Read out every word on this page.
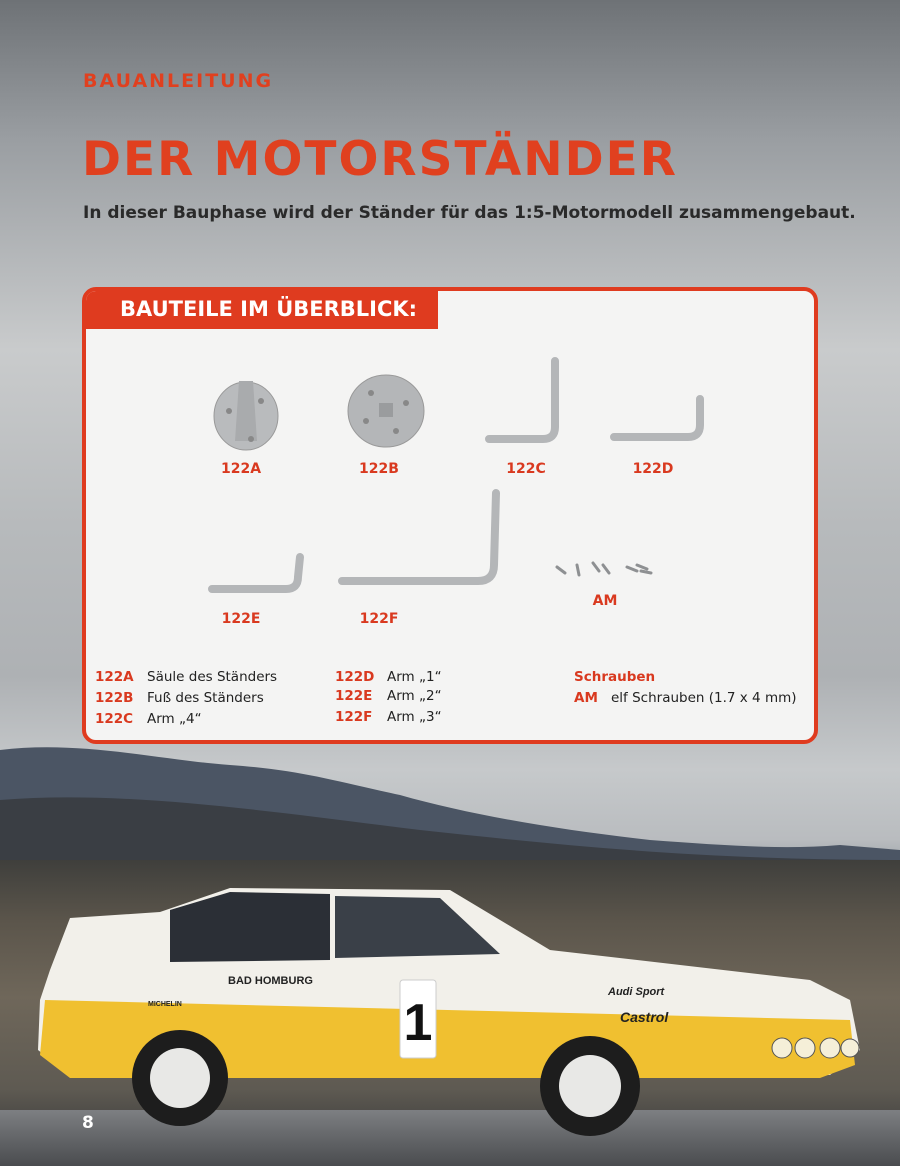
BAUANLEITUNG
DER MOTORSTÄNDER
In dieser Bauphase wird der Ständer für das 1:5-Motormodell zusammengebaut.
BAUTEILE IM ÜBERBLICK:
122A	122B	122C	122D
122E	122F
AM
122A Säule des Ständers
122B Fuß des Ständers
122C Arm „4“
122D Arm „1“
122E Arm „2“
122F Arm „3“
Schrauben
AM elf Schrauben (1.7 x 4 mm)
1
BAD HOMBURG
MICHELIN
Audi Sport
Castrol
8
